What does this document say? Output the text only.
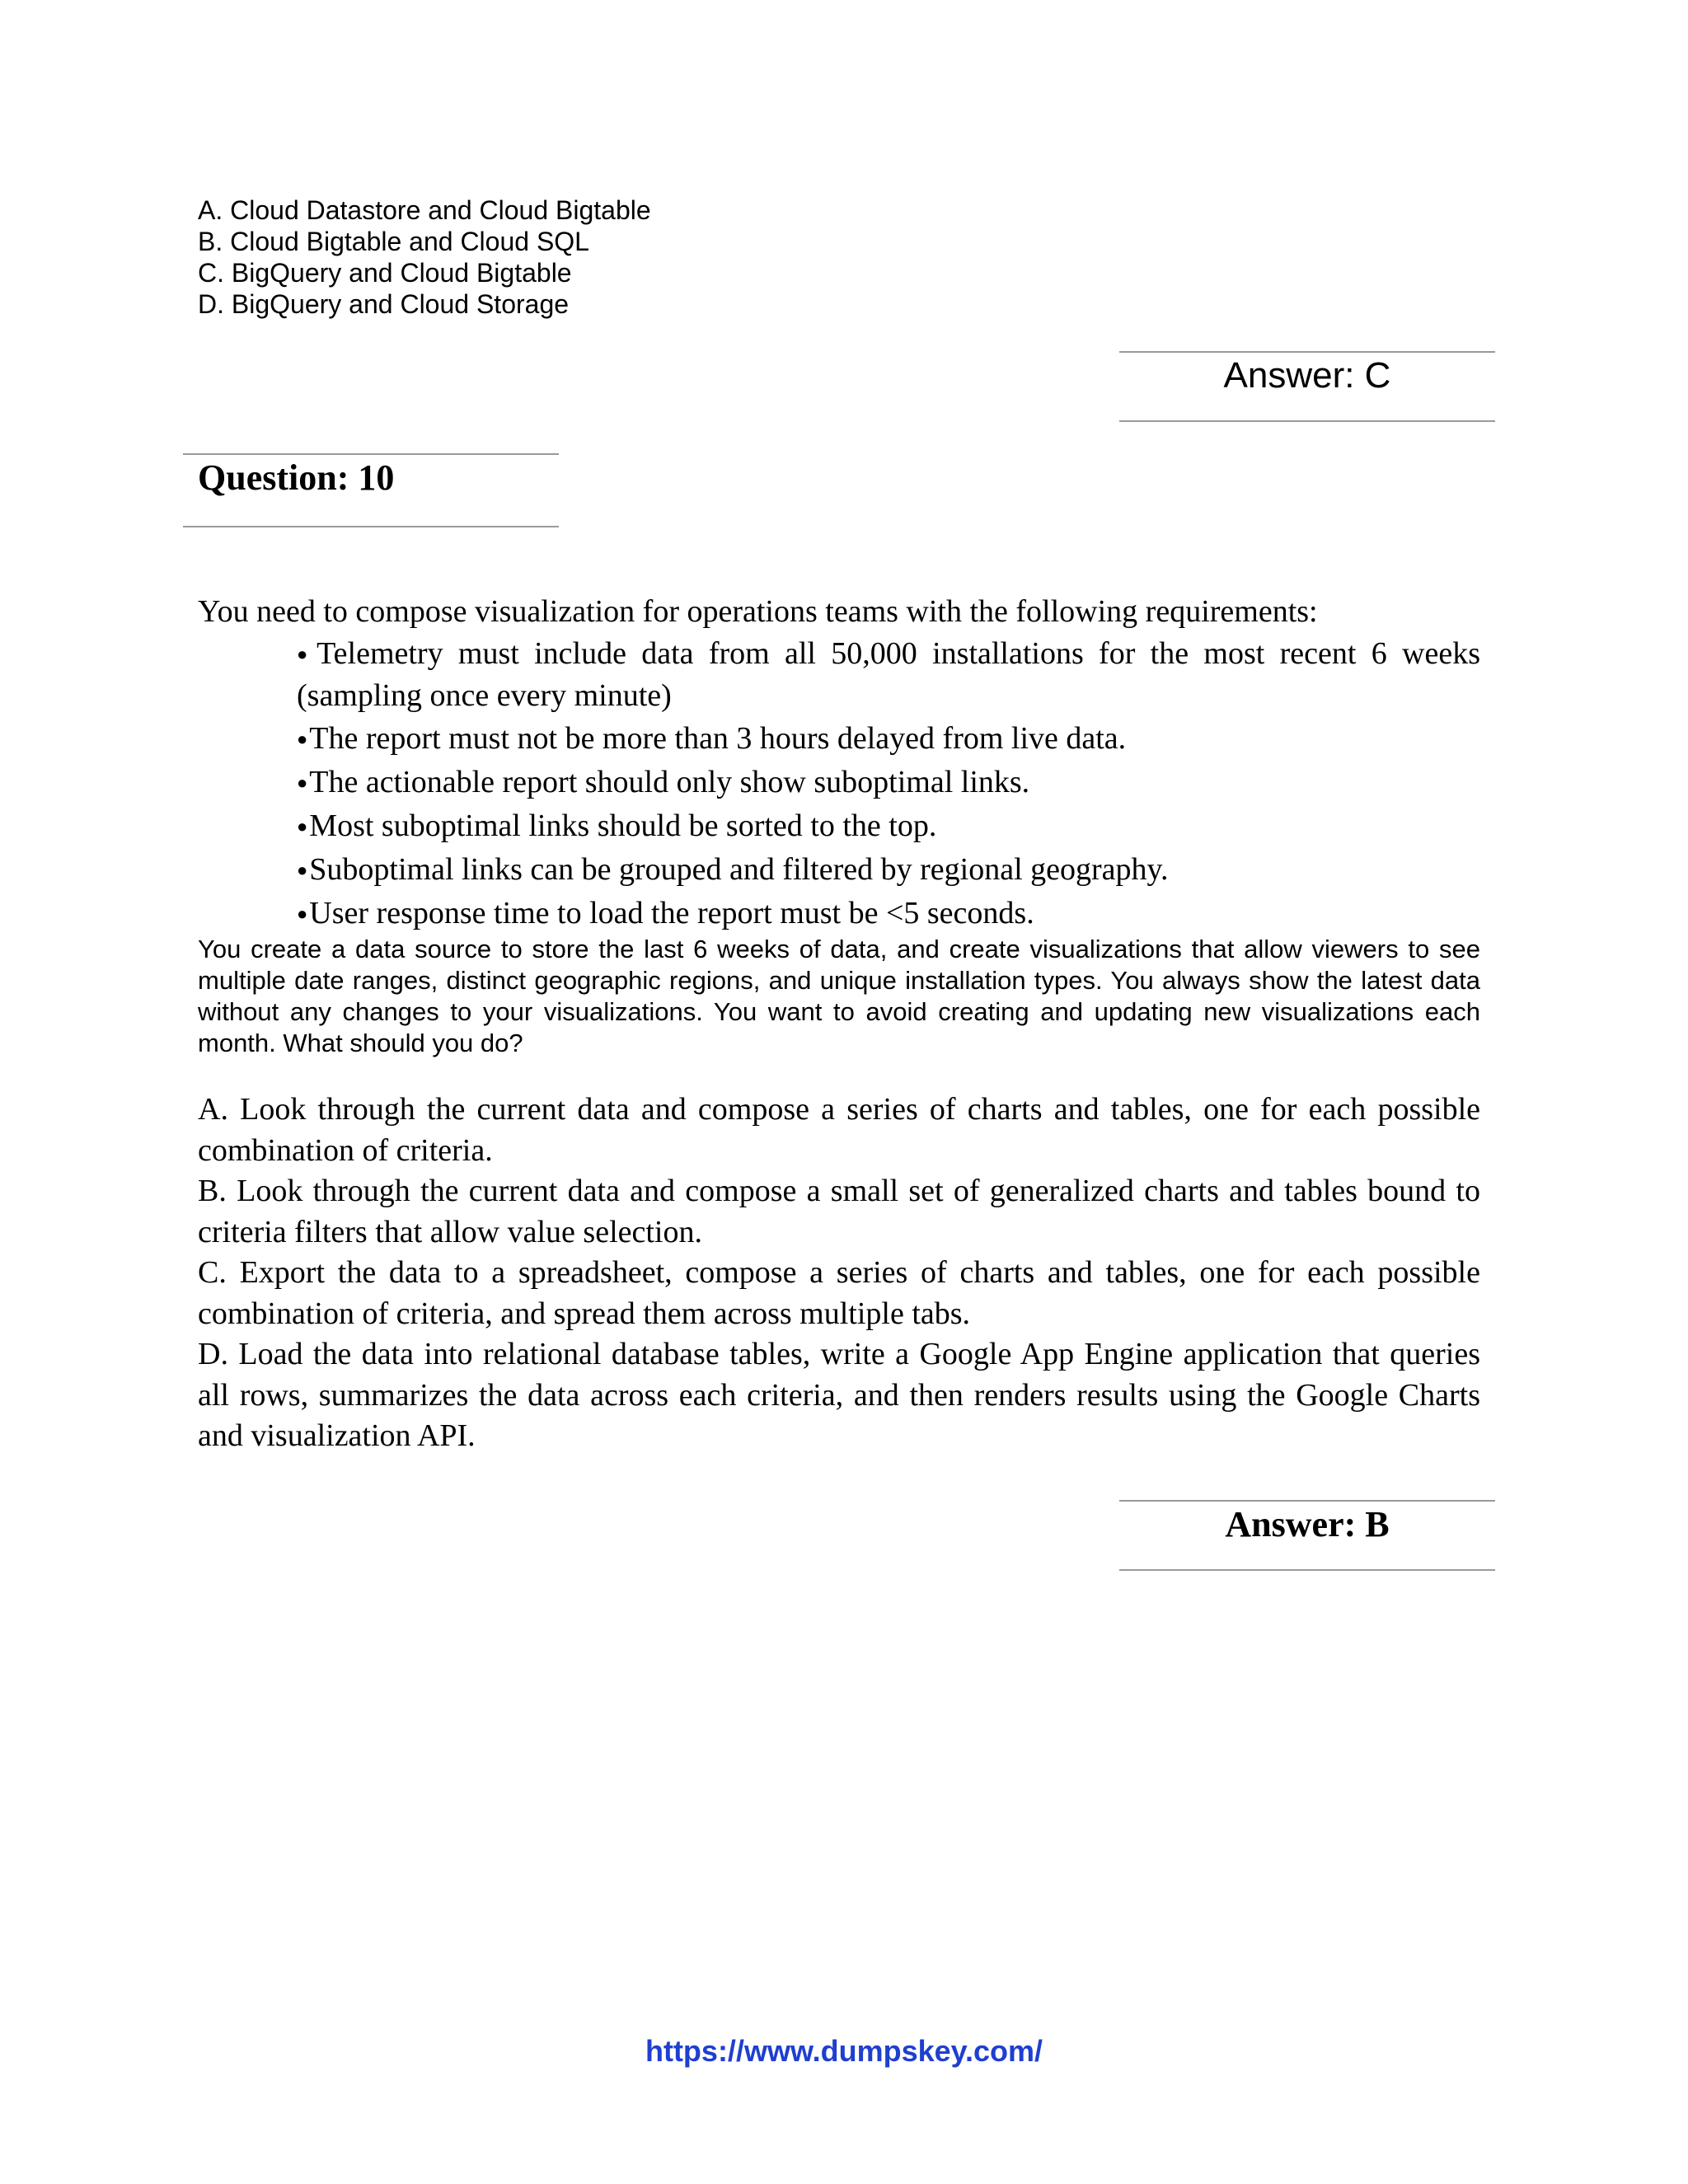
A. Cloud Datastore and Cloud Bigtable
B. Cloud Bigtable and Cloud SQL
C. BigQuery and Cloud Bigtable
D. BigQuery and Cloud Storage
Answer: C
Question: 10
You need to compose visualization for operations teams with the following requirements:
●Telemetry must include data from all 50,000 installations for the most recent 6 weeks (sampling once every minute)
●The report must not be more than 3 hours delayed from live data.
●The actionable report should only show suboptimal links.
●Most suboptimal links should be sorted to the top.
●Suboptimal links can be grouped and filtered by regional geography.
●User response time to load the report must be <5 seconds.
You create a data source to store the last 6 weeks of data, and create visualizations that allow viewers to see multiple date ranges, distinct geographic regions, and unique installation types. You always show the latest data without any changes to your visualizations. You want to avoid creating and updating new visualizations each month. What should you do?
A. Look through the current data and compose a series of charts and tables, one for each possible combination of criteria.
B. Look through the current data and compose a small set of generalized charts and tables bound to criteria filters that allow value selection.
C. Export the data to a spreadsheet, compose a series of charts and tables, one for each possible combination of criteria, and spread them across multiple tabs.
D. Load the data into relational database tables, write a Google App Engine application that queries all rows, summarizes the data across each criteria, and then renders results using the Google Charts and visualization API.
Answer: B
https://www.dumpskey.com/
